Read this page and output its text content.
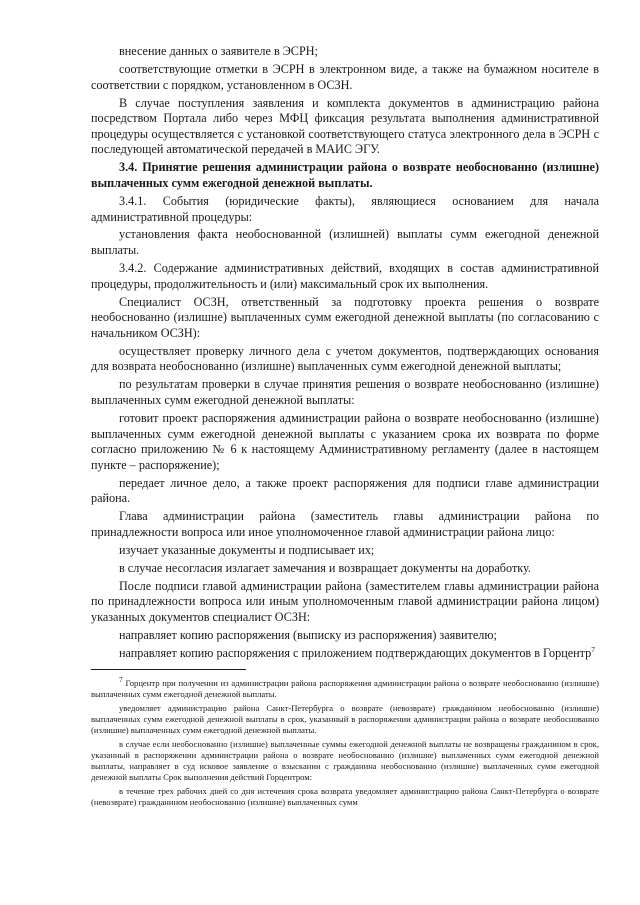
внесение данных о заявителе в ЭСРН;

соответствующие отметки в ЭСРН в электронном виде, а также на бумажном носителе в соответствии с порядком, установленном в ОСЗН.

В случае поступления заявления и комплекта документов в администрацию района посредством Портала либо через МФЦ фиксация результата выполнения административной процедуры осуществляется с установкой соответствующего статуса электронного дела в ЭСРН с последующей автоматической передачей в МАИС ЭГУ.

3.4. Принятие решения администрации района о возврате необоснованно (излишне) выплаченных сумм ежегодной денежной выплаты.

3.4.1. События (юридические факты), являющиеся основанием для начала административной процедуры:

установления факта необоснованной (излишней) выплаты сумм ежегодной денежной выплаты.

3.4.2. Содержание административных действий, входящих в состав административной процедуры, продолжительность и (или) максимальный срок их выполнения.

Специалист ОСЗН, ответственный за подготовку проекта решения о возврате необоснованно (излишне) выплаченных сумм ежегодной денежной выплаты (по согласованию с начальником ОСЗН):

осуществляет проверку личного дела с учетом документов, подтверждающих основания для возврата необоснованно (излишне) выплаченных сумм ежегодной денежной выплаты;

по результатам проверки в случае принятия решения о возврате необоснованно (излишне) выплаченных сумм ежегодной денежной выплаты:

готовит проект распоряжения администрации района о возврате необоснованно (излишне) выплаченных сумм ежегодной денежной выплаты с указанием срока их возврата по форме согласно приложению № 6 к настоящему Административному регламенту (далее в настоящем пункте – распоряжение);

передает личное дело, а также проект распоряжения для подписи главе администрации района.

Глава администрации района (заместитель главы администрации района по принадлежности вопроса или иное уполномоченное главой администрации района лицо:

изучает указанные документы и подписывает их;

в случае несогласия излагает замечания и возвращает документы на доработку.

После подписи главой администрации района (заместителем главы администрации района по принадлежности вопроса или иным уполномоченным главой администрации района лицом) указанных документов специалист ОСЗН:

направляет копию распоряжения (выписку из распоряжения) заявителю;

направляет копию распоряжения с приложением подтверждающих документов в Горцентр$^7$

$^7$ Горцентр при получении из администрации района распоряжения администрации района о возврате необоснованно (излишне) выплаченных сумм ежегодной денежной выплаты.

уведомляет администрацию района Санкт-Петербурга о возврате (невозврате) гражданином необоснованно (излишне) выплаченных сумм ежегодной денежной выплаты в срок, указанный в распоряжении администрации района о возврате необоснованно (излишне) выплаченных сумм ежегодной денежной выплаты.

в случае если необоснованно (излишне) выплаченные суммы ежегодной денежной выплаты не возвращены гражданином в срок, указанный в распоряжении администрации района о возврате необоснованно (излишне) выплаченных сумм ежегодной денежной выплаты, направляет в суд исковое заявление о взыскании с гражданина необоснованно (излишне) выплаченных сумм ежегодной денежной выплаты Срок выполнения действий Горцентром:

в течение трех рабочих дней со дня истечения срока возврата уведомляет администрацию района Санкт-Петербурга о возврате (невозврате) гражданином необоснованно (излишне) выплаченных сумм
